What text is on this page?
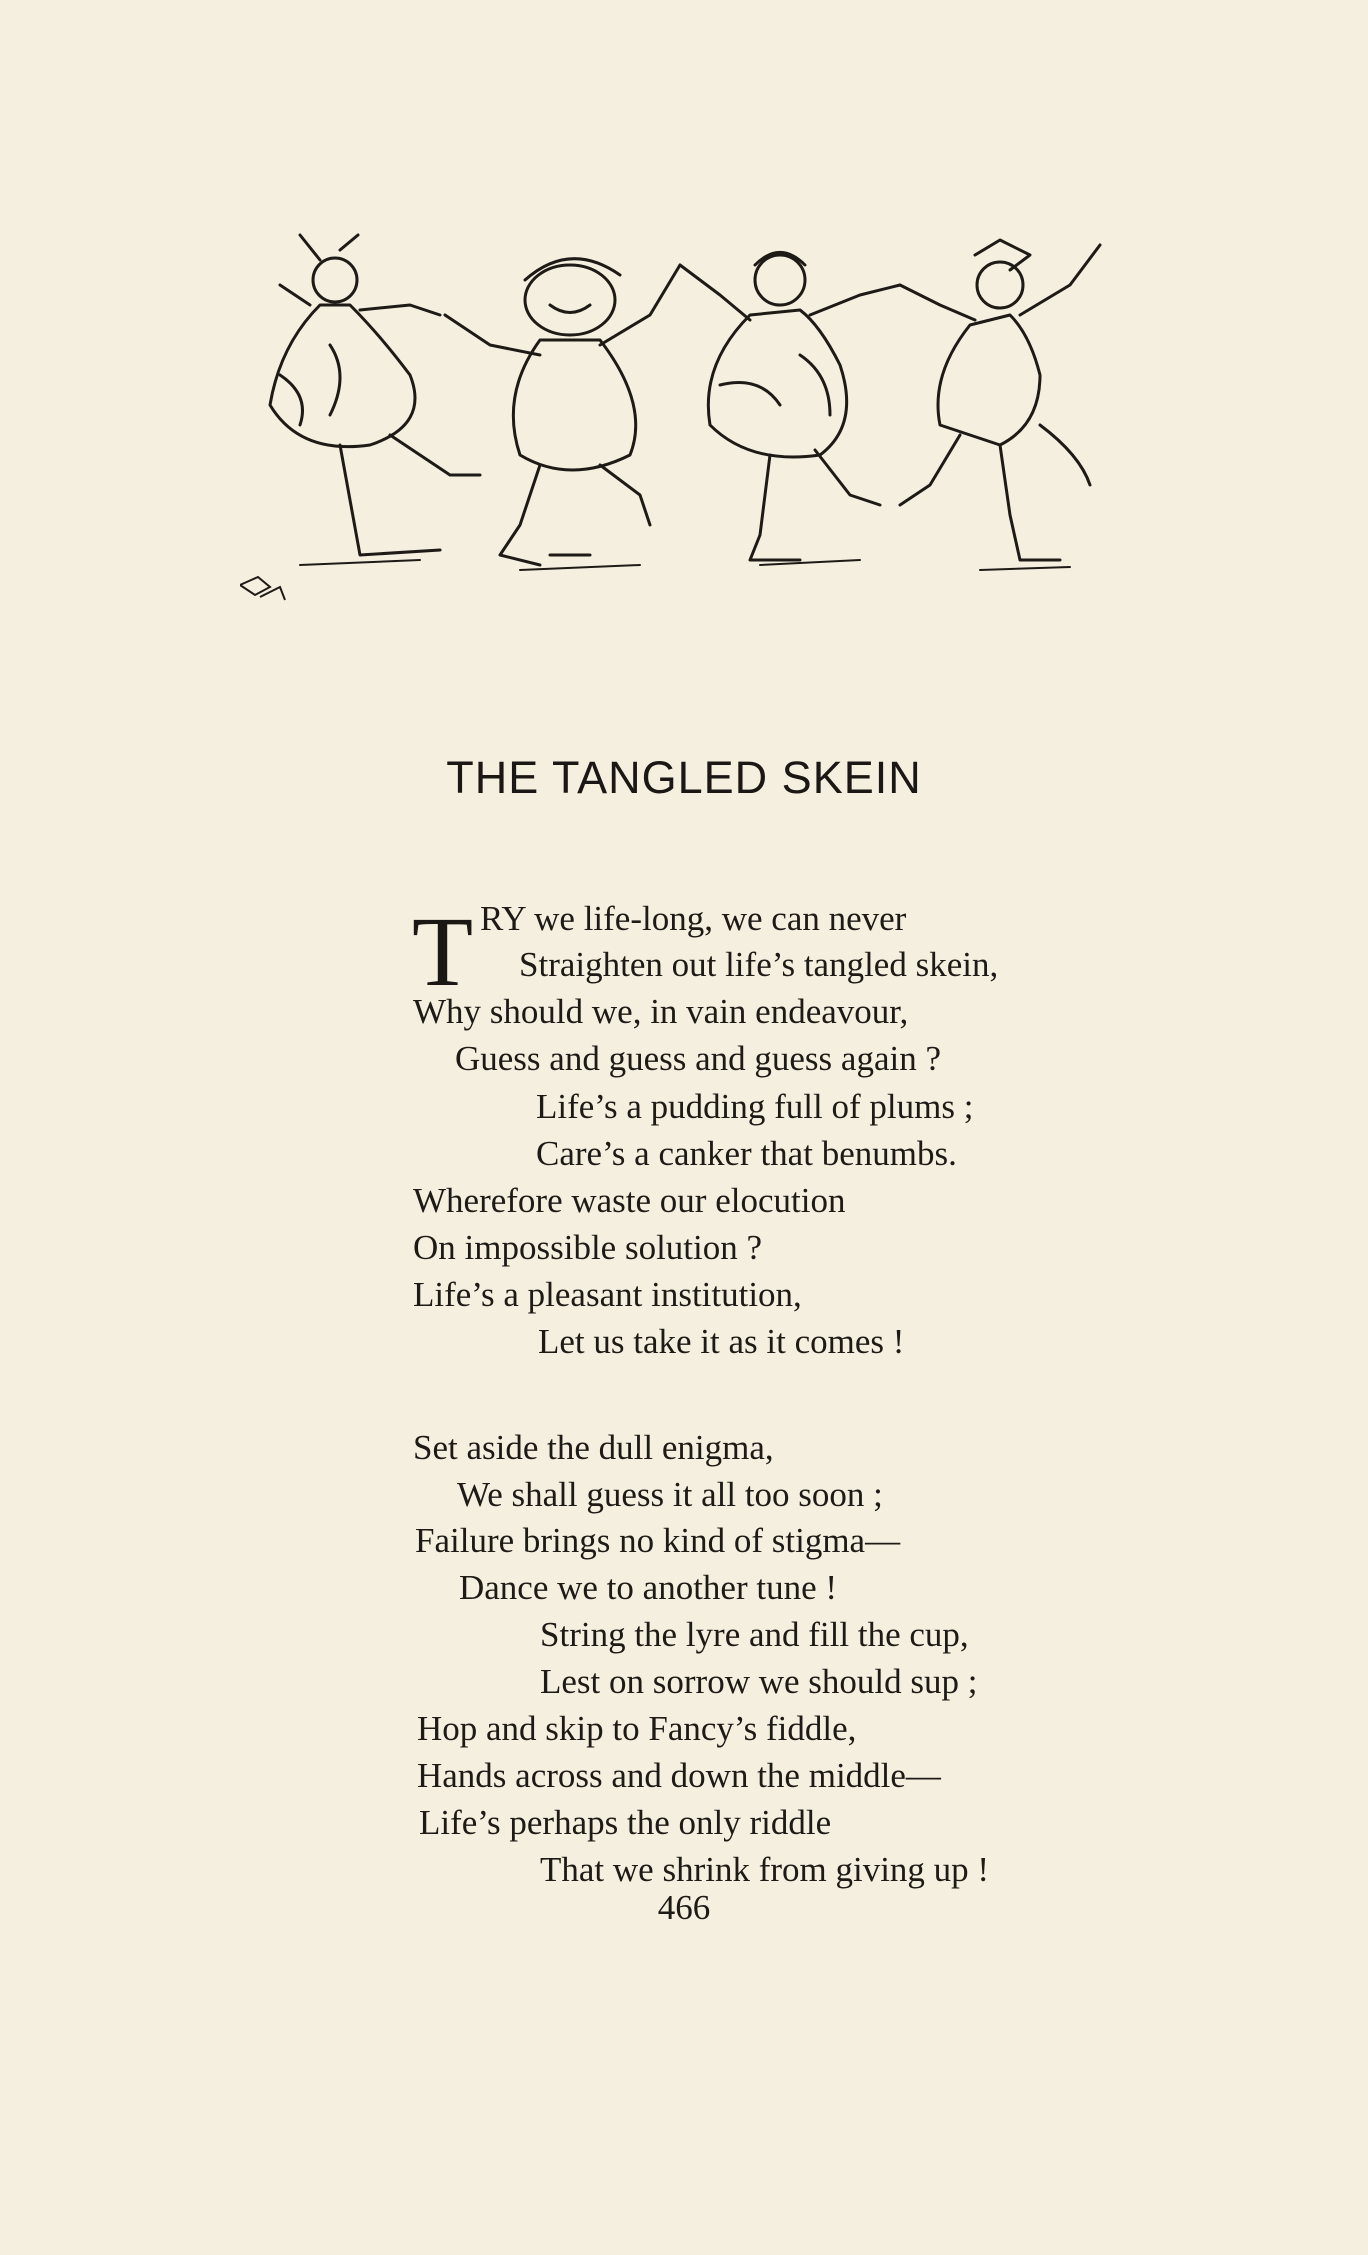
THE TANGLED SKEIN
T RY we life-long, we can never
Straighten out life’s tangled skein,
Why should we, in vain endeavour,
Guess and guess and guess again ?
Life’s a pudding full of plums ;
Care’s a canker that benumbs.
Wherefore waste our elocution
On impossible solution ?
Life’s a pleasant institution,
Let us take it as it comes !
Set aside the dull enigma,
We shall guess it all too soon ;
Failure brings no kind of stigma—
Dance we to another tune !
String the lyre and fill the cup,
Lest on sorrow we should sup ;
Hop and skip to Fancy’s fiddle,
Hands across and down the middle—
Life’s perhaps the only riddle
That we shrink from giving up !
466
